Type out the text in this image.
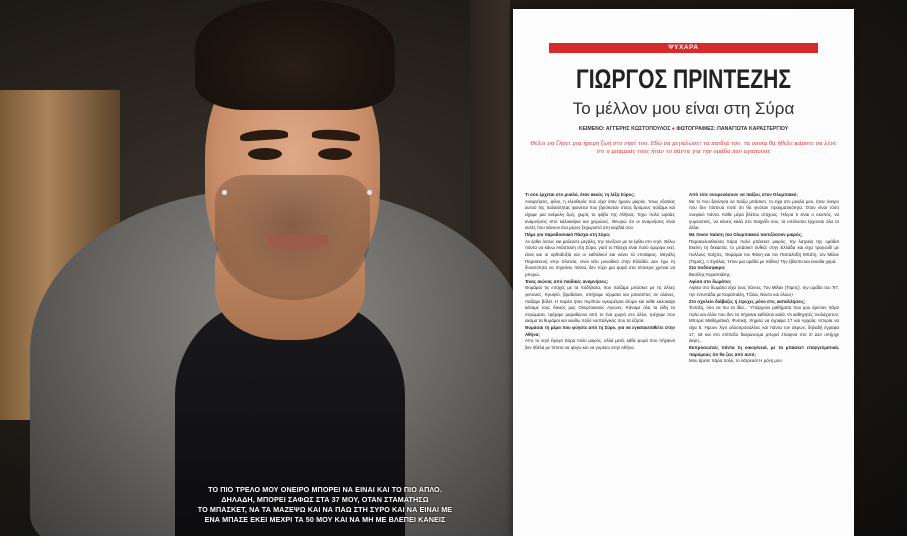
ΤΟ ΠΙΟ ΤΡΕΛΟ ΜΟΥ ΟΝΕΙΡΟ ΜΠΟΡΕΙ ΝΑ ΕΙΝΑΙ ΚΑΙ ΤΟ ΠΙΟ ΑΠΛΟ.
ΔΗΛΑΔΗ, ΜΠΟΡΕΙ ΣΑΦΩΣ ΣΤΑ 37 ΜΟΥ, ΟΤΑΝ ΣΤΑΜΑΤΗΣΩ
ΤΟ ΜΠΑΣΚΕΤ, ΝΑ ΤΑ ΜΑΖΕΨΩ ΚΑΙ ΝΑ ΠΑΩ ΣΤΗ ΣΥΡΟ ΚΑΙ ΝΑ ΕΙΝΑΙ ΜΕ
ΕΝΑ ΜΠΑΣΕ ΕΚΕΙ ΜΕΧΡΙ ΤΑ 50 ΜΟΥ ΚΑΙ ΝΑ ΜΗ ΜΕ ΒΛΕΠΕΙ ΚΑΝΕΙΣ
ΨΥΧΑΡΑ
ΓΙΩΡΓΟΣ ΠΡΙΝΤΕΖΗΣ
Το μέλλον μου είναι στη Σύρα
ΚΕΙΜΕΝΟ: ΑΓΓΕΡΗΣ ΚΩΣΤΟΠΟΥΛΟΣ ● ΦΩΤΟΓΡΑΦΙΕΣ: ΠΑΝΑΓΙΩΤΑ ΚΑΡΑΣΤΕΡΓΙΟΥ
Θέλει να ζήσει μια ήρεμη ζωή στο νησί του. Εδώ να μεγαλώσει τα παιδιά του, τα οποία θα ήθελε κάποτε να λένε ότι ο μπαμπάς τους ήταν το πάντα για την ομάδα που αγαπούσε

Τι σου έρχεται στο μυαλό, όταν ακούς τη λέξη Σύρος;

Αναμνήσεις, φίλοι, η ελευθερία που είχα όταν ήμουν μικρός. Ίσως εξαιτίας αυτού της παλαιότητας φαινεται που βρισκοταν στους δρόμους παίζαμε και είχαμε μια ανέμελη ζωή, χωρίς το φόβο της Αθήνας. Έχω πολύ ωραίες αναμνήσεις από καλοκαίρια και χειμώνες. Θεωρώ ότι οι αναμνήσεις είναι αυτές που κάνουν ένα μέρος ξεχωριστό στη καρδιά σου.

Πάμε για παραδοσιακό Πάσχα στη Σύρο;

Αν έρθει όντως και μαζεύετε μεγάλη, την τονίζουν με τα έρθει στο νησί. Θέλω πάντα να κάνω Ανάσταση στη Σύρα, γιατί το Πάσχα είναι πολύ όμορφο εκεί, είναι και οι αρθοδοξία και οι καθολικοί και κάνει τα επιτάφιος. Μεγάλη Παρασκευή στην πλατεία, είναι κάτι μοναδικό στην Ελλάδα. Δεν έχω τη δυνατότητα να πηγαίνω πάντα, δεν τύχει μια φορά στα τέσσερα χρόνια να μπορώ.

Ένας αιώνας από παιδικές αναμνήσεις;

Θυμάμαι τις εποχές με τα ποδήλατα, που παίζαμε μπάσκετ με τις άλλες γειτονιές. Κρυφτό, βραδιάσει, σπήγαμε τέρματα και μπαστέτες σε αλάνες, παίζαμε βόλεϊ. Η παρέα ήταν περίπου ογκομέτρια άτομα και κάθε καλοκαίρι κάναμε τους δικούς μας Ολυμπιακούς Αγώνες. Κάναμε όλα τα είδη τα στρώματα, τρέχαμε μαραθώνιο από το ένα χωριό στο άλλο, τρέχαμε που ακόμα τα θυμάμαι και νιώθω πολύ νοσταλγικός που τα έζησα.

Θυμάσαι τη μέρα που φύγατε από τη Σύρο, για να εγκατασταθείτε στην Αθήνα;

Από το νησί έφυγα πάρα πολύ μικρός, αλλά μετά, κάθε φορά που πήγαινα δεν ήθελα με τίποτα να φύγω και να γυρίσω στην Αθήνα.

Από τότε ονειρευόσουν να παίξεις στον Ολυμπιακό;

Με το που ξεκίνησα να παίζω μπάσκετ, το είχα στο μυαλό μου, ήταν όνειρο που δεν πίστευα ποτέ ότι θα γινόταν πραγματικότητα. Όταν είναι τόσο ονειρικό πάντα. Κάθε μέρα βλέπω στόχους. Ήξερα τι είναι ο σκοπός, να γυμναστείς, να κάνεις καλά στο παιχνίδι σου, τα υπόλοιπα έρχονται όλα τα άλλα.

Με ποιον παίκτη του Ολυμπιακού ταυτιζόσουν μικρός;

Παρακολουθούσα πάρα πολύ μπάσκετ μικρός, την λατρεία την ομάδα! Εκείνη τη δεκαετία, το μπάσκετ άνθιζε στην Ελλάδα και είχα τραγουδί με πολλούς παίχτες. Θυμάμαι τον Φάνη και τον Παπαλοΐζη Μπάτη, τον Μίλαν (Τόμιτς), ο Σιγάλας. Ήταν μια ομάδα με πάθος! Την έβλεπα και ένιωθα χαρά.

Στο ποδόσφαιρο;

Βασίλης Καραπιάλης.

Αφίσα στο δωμάτιο;

Αφίσα στο δωμάτιο είχα τους πάντες. Τον Μίλαν (Τόμιτς), την ομάδα του '97, την εντυπάδα με Καραπιάλη, Τζόλα, Νάντο και όλους!

Στο σχολείο διάβαζες ή έτρεχες μόνο στις καπαλλήσεις;

Ένταξη, όσο να πω τα ίδια... Ύπάρχουν μαθήματα που μου άρεσαν πάρα πολύ και άλλα που δεν τα πήγαινα καθόλου καλά. Οι καθηγητές τουλάχιστον; Μπορεί Μαθηματικά, Φυσική, Χημεία να έγραφα 17 και Αρχαία, Ιστορία να είχα 5. Ήμουν λίγο αλλοπρόσαλλος και πάντα τον άκρων, δηλαδή έγραφα 17, 18 και στο επίπεδο διαγώνισμα μπορεί έπαιρνα στο 2! Δεν υπήρχε άκρη...

Εκπροσωπείς πάντα τη οικογένειά, με τα μπάσκετ επαγγελματικά, παρόμοιες ότι θα ζεις από αυτό;

Μου άρεσε πάρα πολύ, το λάτρευα! Η μόνη μου
